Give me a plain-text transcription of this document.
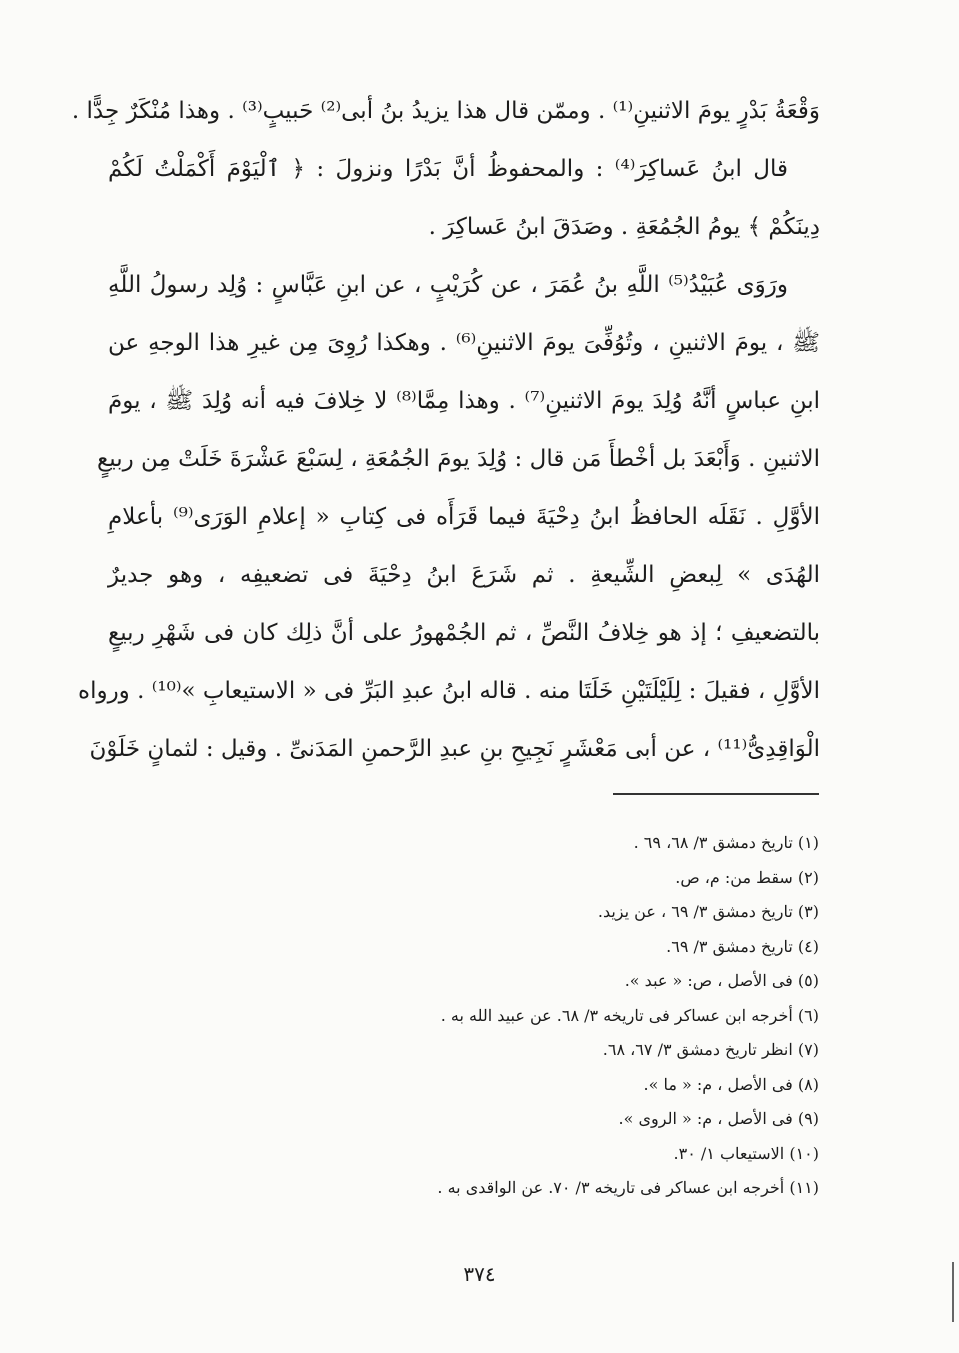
وَقْعَةُ بَدْرٍ يومَ الاثنينِ⁽¹⁾ . وممّن قال هذا يزيدُ بنُ أبى⁽²⁾ حَبيبٍ⁽³⁾ . وهذا مُنْكَرٌ جِدًّا .
قال ابنُ عَساكِرَ⁽⁴⁾ : والمحفوظُ أنَّ بَدْرًا ونزولَ : ﴿ ٱلْيَوْمَ أَكْمَلْتُ لَكُمْ
دِينَكُمْ ﴾ يومُ الجُمُعَةِ . وصَدَقَ ابنُ عَساكِرَ .
ورَوَى عُبَيْدُ⁽⁵⁾ اللَّهِ بنُ عُمَرَ ، عن كُرَيْبٍ ، عن ابنِ عَبَّاسٍ : وُلِد رسولُ اللَّهِ
ﷺ ، يومَ الاثنينِ ، وتُوُفِّىَ يومَ الاثنينِ⁽⁶⁾ . وهكذا رُوِىَ مِن غيرِ هذا الوجهِ عن
ابنِ عباسٍ أنَّهُ وُلِدَ يومَ الاثنينِ⁽⁷⁾ . وهذا مِمَّا⁽⁸⁾ لا خِلافَ فيه أنه وُلِدَ ﷺ ، يومَ
الاثنينِ . وَأَبْعَدَ بل أخْطأَ مَن قال : وُلِدَ يومَ الجُمُعَةِ ، لِسَبْعَ عَشْرَةَ خَلَتْ مِن ربيعٍ
الأوَّلِ . نَقَلَه الحافظُ ابنُ دِحْيَةَ فيما قَرَأَه فى كِتابِ « إعلامِ الوَرَى⁽⁹⁾ بأعلامِ
الهُدَى » لِبعضِ الشِّيعةِ . ثم شَرَعَ ابنُ دِحْيَةَ فى تضعيفِه ، وهو جديرٌ
بالتضعيفِ ؛ إذ هو خِلافُ النَّصِّ ، ثم الجُمْهورُ على أنَّ ذلِك كان فى شَهْرِ ربيعٍ
الأوَّلِ ، فقيلَ : لِلَيْلَتَيْنِ خَلَتَا منه . قاله ابنُ عبدِ البَرِّ فى « الاستيعابِ »⁽¹⁰⁾ . ورواه
الْوَاقِدِىُّ⁽¹¹⁾ ، عن أبى مَعْشَرٍ نَجِيحِ بنِ عبدِ الرَّحمنِ المَدَنىِّ . وقيل : لثمانٍ خَلَوْنَ
(١) تاريخ دمشق ٣/ ٦٨، ٦٩ .
(٢) سقط من: م، ص.
(٣) تاريخ دمشق ٣/ ٦٩ ، عن يزيد.
(٤) تاريخ دمشق ٣/ ٦٩.
(٥) فى الأصل ، ص: « عبد ».
(٦) أخرجه ابن عساكر فى تاريخه ٣/ ٦٨. عن عبيد الله به .
(٧) انظر تاريخ دمشق ٣/ ٦٧، ٦٨.
(٨) فى الأصل ، م: « ما ».
(٩) فى الأصل ، م: « الروى ».
(١٠) الاستيعاب ١/ ٣٠.
(١١) أخرجه ابن عساكر فى تاريخه ٣/ ٧٠. عن الواقدى به .
٣٧٤
